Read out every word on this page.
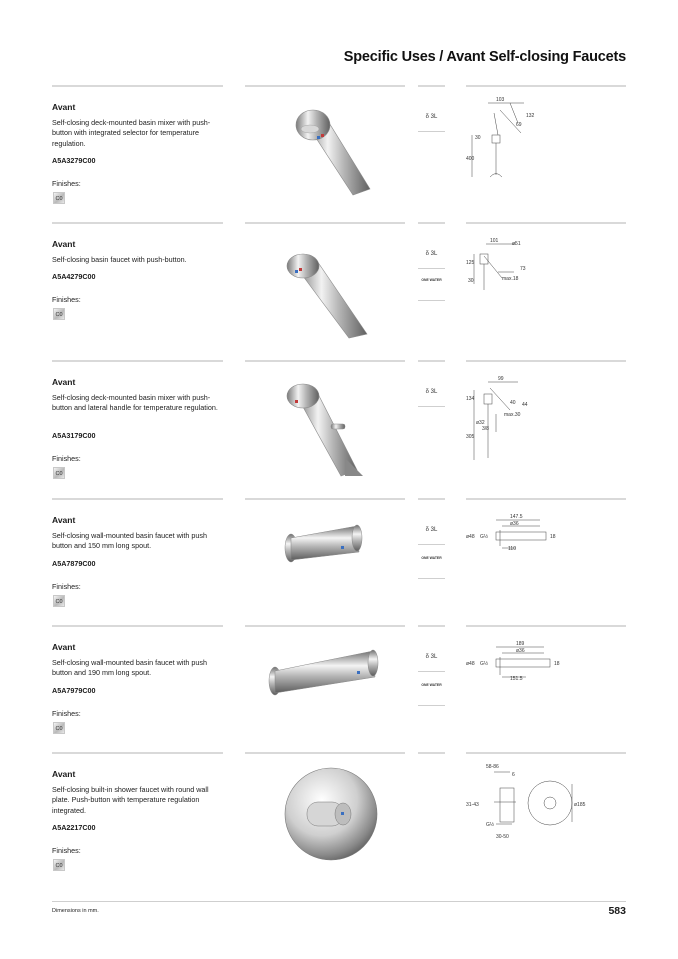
Specific Uses / Avant Self-closing Faucets
Avant
Self-closing deck-mounted basin mixer with push-button with integrated selector for temperature regulation.
A5A3279C00
Finishes:
C0
δ 3L
103
132
69
30
400
Avant
Self-closing basin faucet with push-button.
A5A4279C00
Finishes:
C0
δ 3L
ONE WATER
101	ø51
125
73
max.18
30
Avant
Self-closing deck-mounted basin mixer with push-button and lateral handle for temperature regulation.
A5A3179C00
Finishes:
C0
δ 3L
99
134
40 44
max.30
ø32
305
3/8
Avant
Self-closing wall-mounted basin faucet with push button and 150 mm long spout.
A5A7879C00
Finishes:
C0
δ 3L
ONE WATER
147.5
ø36
ø48 G½
110
18
Avant
Self-closing wall-mounted basin faucet with push button and 190 mm long spout.
A5A7979C00
Finishes:
C0
δ 3L
ONE WATER
189
ø36
ø48 G½
151.5
18
Avant
Self-closing built-in shower faucet with round wall plate. Push-button with temperature regulation integrated.
A5A2217C00
Finishes:
C0
58-86
6
31-43
G½
30-50
ø185
Dimensions in mm.	583
